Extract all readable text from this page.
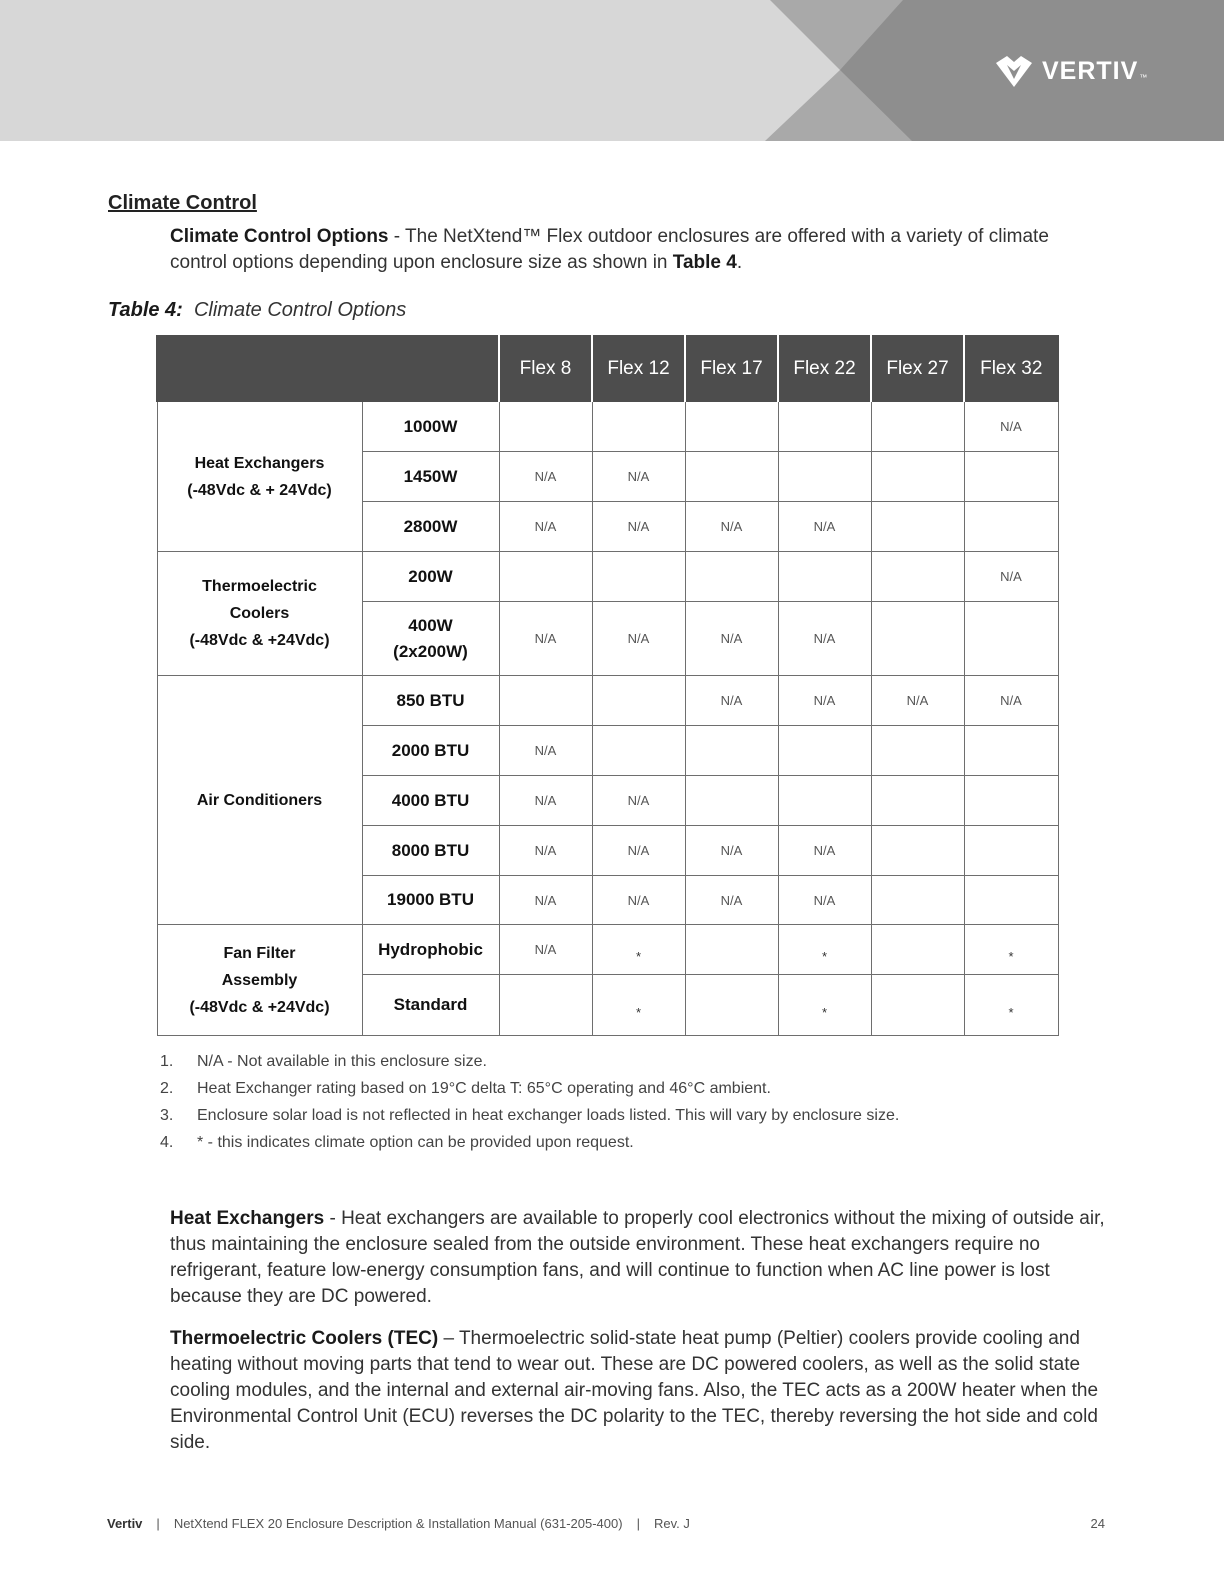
VERTIV ™
Climate Control
Climate Control Options - The NetXtend™ Flex outdoor enclosures are offered with a variety of climate control options depending upon enclosure size as shown in Table 4.
Table 4: Climate Control Options
		Flex 8	Flex 12	Flex 17	Flex 22	Flex 27	Flex 32

Heat Exchangers
(-48Vdc & + 24Vdc)	1000W						N/A

	1450W	N/A	N/A				

	2800W	N/A	N/A	N/A	N/A		

Thermoelectric
Coolers
(-48Vdc & +24Vdc)	200W						N/A

	400W
(2x200W)	N/A	N/A	N/A	N/A		

Air Conditioners	850 BTU			N/A	N/A	N/A	N/A

	2000 BTU	N/A					

	4000 BTU	N/A	N/A				

	8000 BTU	N/A	N/A	N/A	N/A		

	19000 BTU	N/A	N/A	N/A	N/A		

Fan Filter
Assembly
(-48Vdc & +24Vdc)	Hydrophobic	N/A	*		*		*

	Standard		*		*		*
1.	N/A - Not available in this enclosure size.
2.	Heat Exchanger rating based on 19°C delta T: 65°C operating and 46°C ambient.
3.	Enclosure solar load is not reflected in heat exchanger loads listed. This will vary by enclosure size.
4.	* - this indicates climate option can be provided upon request.
Heat Exchangers - Heat exchangers are available to properly cool electronics without the mixing of outside air, thus maintaining the enclosure sealed from the outside environment. These heat exchangers require no refrigerant, feature low-energy consumption fans, and will continue to function when AC line power is lost because they are DC powered.
Thermoelectric Coolers (TEC) – Thermoelectric solid-state heat pump (Peltier) coolers provide cooling and heating without moving parts that tend to wear out. These are DC powered coolers, as well as the solid state cooling modules, and the internal and external air-moving fans. Also, the TEC acts as a 200W heater when the Environmental Control Unit (ECU) reverses the DC polarity to the TEC, thereby reversing the hot side and cold side.
Vertiv | NetXtend FLEX 20 Enclosure Description & Installation Manual (631-205-400) | Rev. J	24
